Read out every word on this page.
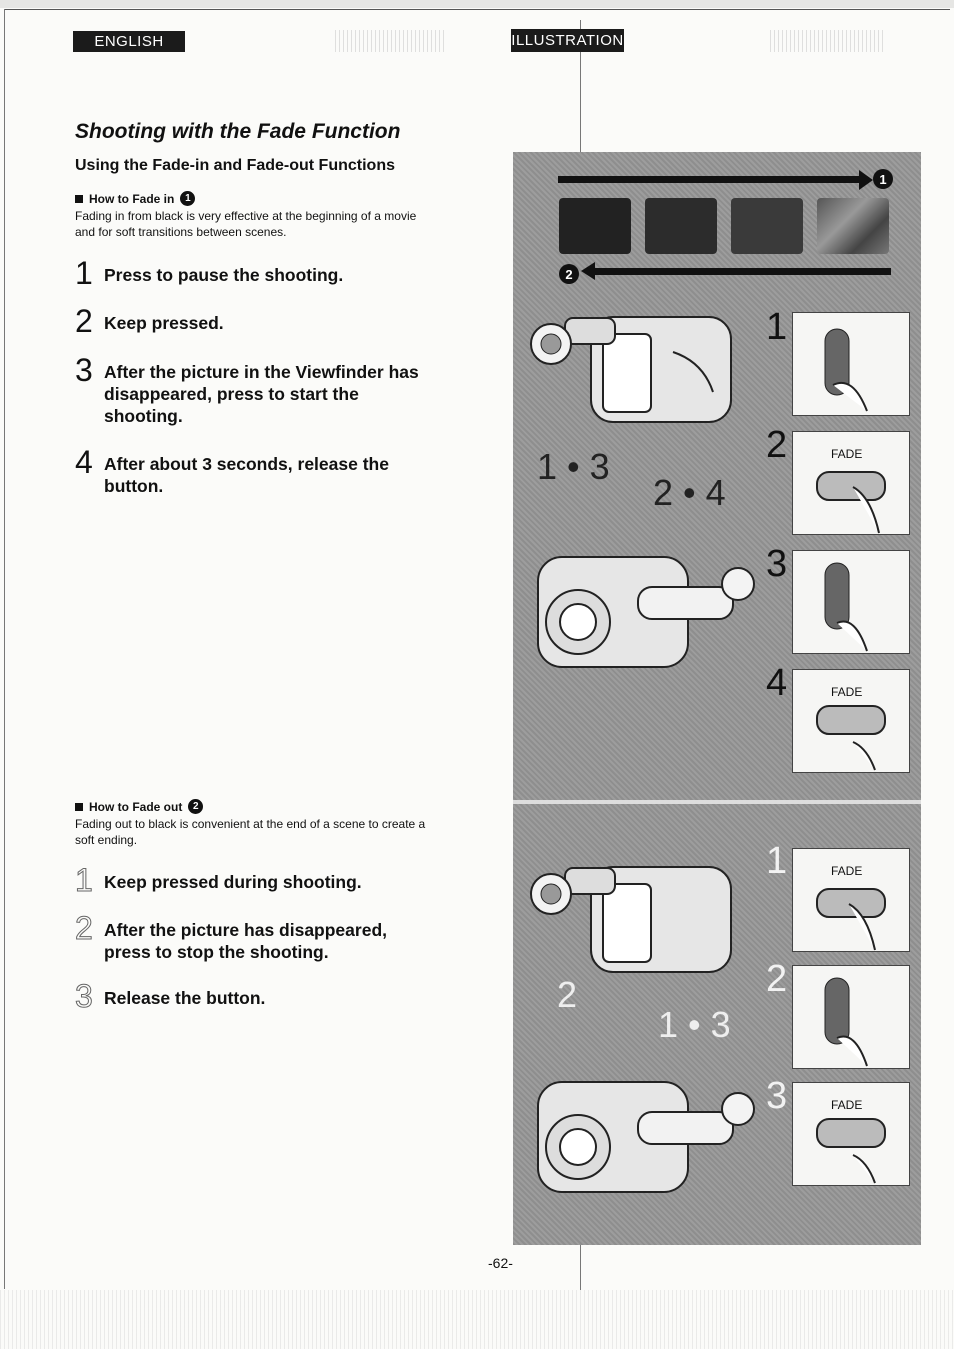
ENGLISH	ILLUSTRATION
Shooting with the Fade Function
Using the Fade-in and Fade-out Functions
How to Fade in	1
Fading in from black is very effective at the beginning of a movie
and for soft transitions between scenes.
1 Press to pause the shooting.
2 Keep pressed.
3 After the picture in the Viewfinder has
disappeared, press to start the
shooting.
4 After about 3 seconds, release the
button.
How to Fade out	2
Fading out to black is convenient at the end of a scene to create a
soft ending.
1 Keep pressed during shooting.
2 After the picture has disappeared,
press to stop the shooting.
3 Release the button.
1
2
1 • 3
2 • 4
2
1 • 3
1
2	FADE
3
4	FADE
1	FADE
2
3	FADE
-62-
